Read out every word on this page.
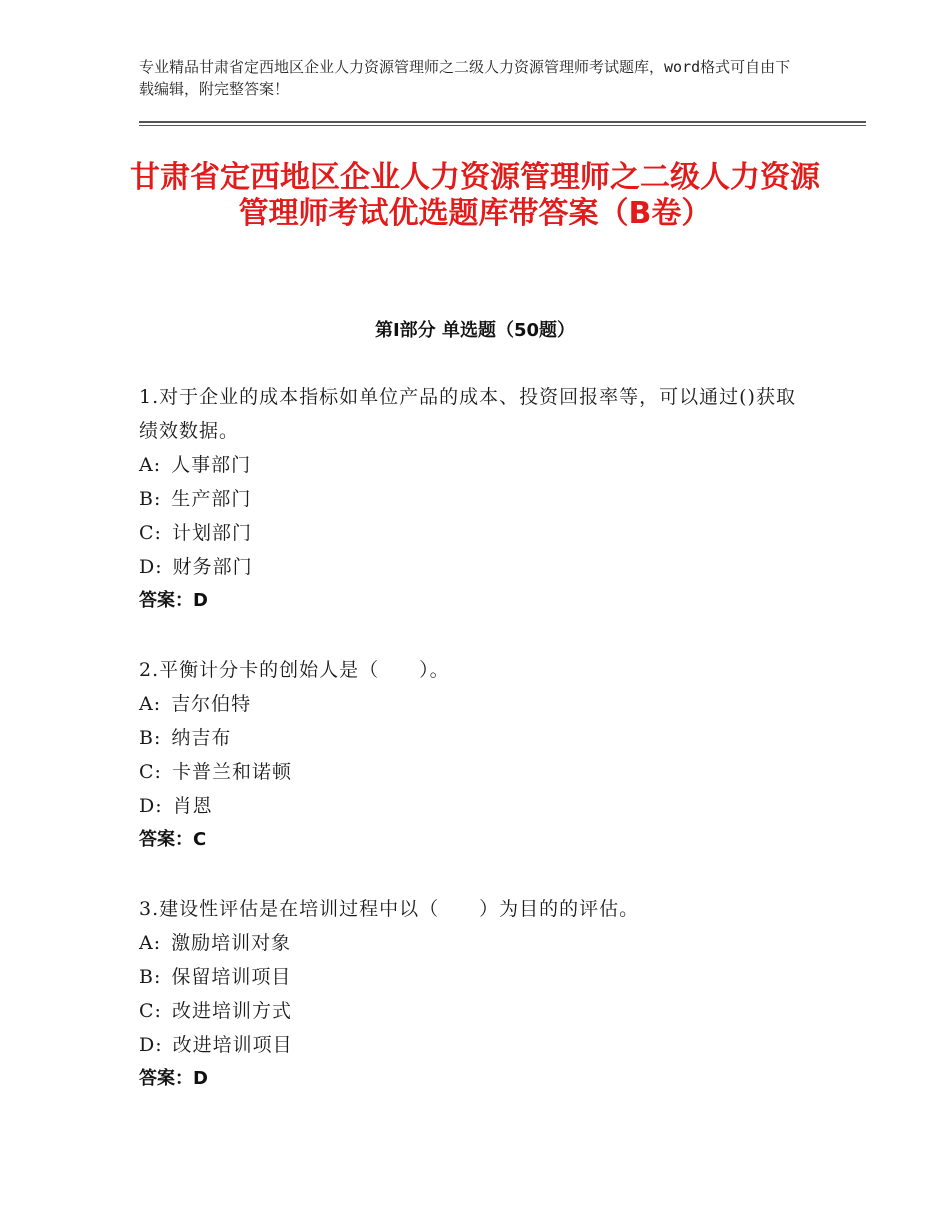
专业精品甘肃省定西地区企业人力资源管理师之二级人力资源管理师考试题库，word格式可自由下载编辑，附完整答案！
甘肃省定西地区企业人力资源管理师之二级人力资源管理师考试优选题库带答案（B卷）
第Ⅰ部分 单选题（50题）
1.对于企业的成本指标如单位产品的成本、投资回报率等，可以通过()获取绩效数据。
A: 人事部门
B: 生产部门
C: 计划部门
D: 财务部门
答案：D
2.平衡计分卡的创始人是（　　）。
A: 吉尔伯特
B: 纳吉布
C: 卡普兰和诺顿
D: 肖恩
答案：C
3.建设性评估是在培训过程中以（　　）为目的的评估。
A: 激励培训对象
B: 保留培训项目
C: 改进培训方式
D: 改进培训项目
答案：D
